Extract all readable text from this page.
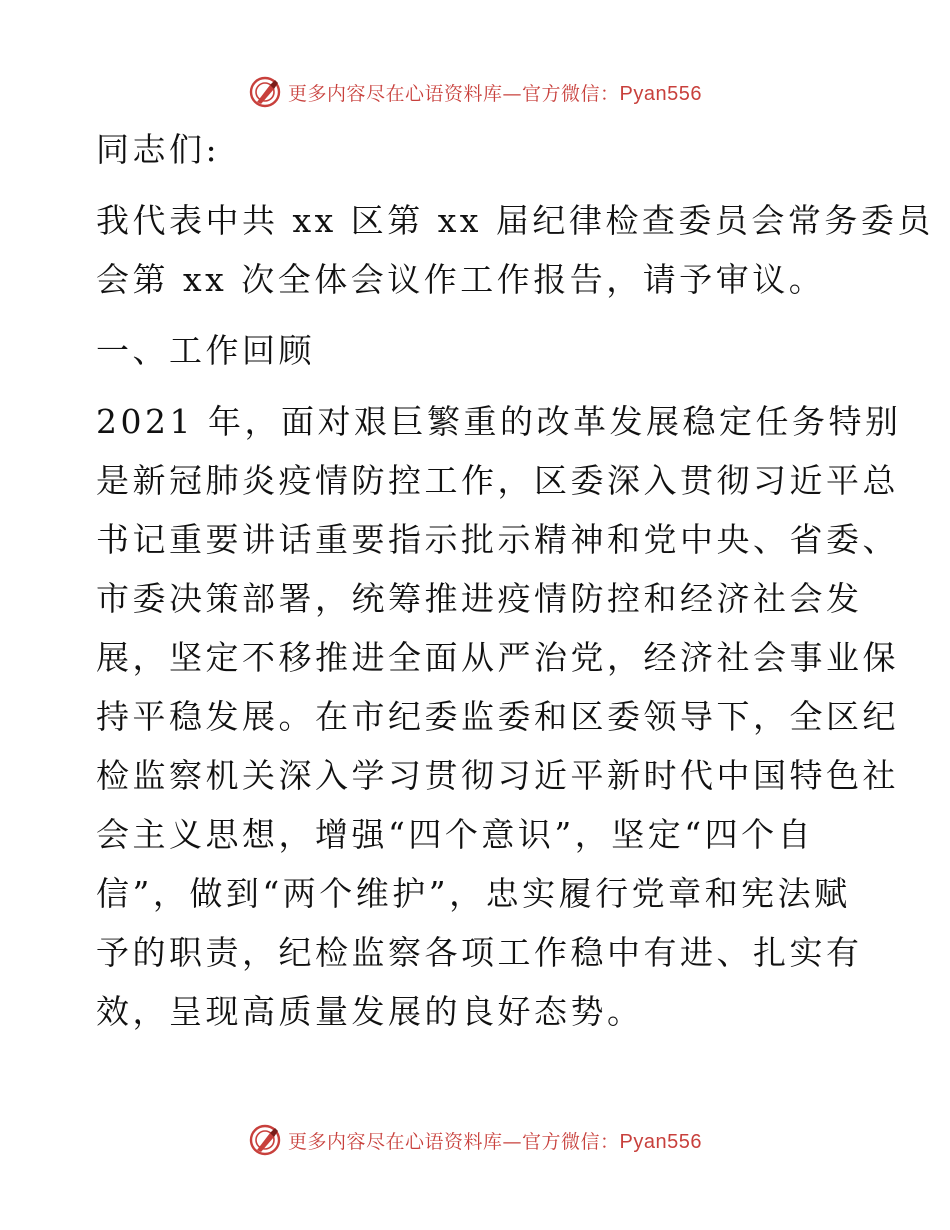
更多内容尽在心语资料库—官方微信：Pyan556
同志们:
我代表中共 xx 区第 xx 届纪律检查委员会常务委员
会第 xx 次全体会议作工作报告，请予审议。
一、工作回顾
2021 年，面对艰巨繁重的改革发展稳定任务特别
是新冠肺炎疫情防控工作，区委深入贯彻习近平总
书记重要讲话重要指示批示精神和党中央、省委、
市委决策部署，统筹推进疫情防控和经济社会发
展，坚定不移推进全面从严治党，经济社会事业保
持平稳发展。在市纪委监委和区委领导下，全区纪
检监察机关深入学习贯彻习近平新时代中国特色社
会主义思想，增强“四个意识”，坚定“四个自
信”，做到“两个维护”，忠实履行党章和宪法赋
予的职责，纪检监察各项工作稳中有进、扎实有
效，呈现高质量发展的良好态势。
更多内容尽在心语资料库—官方微信：Pyan556
